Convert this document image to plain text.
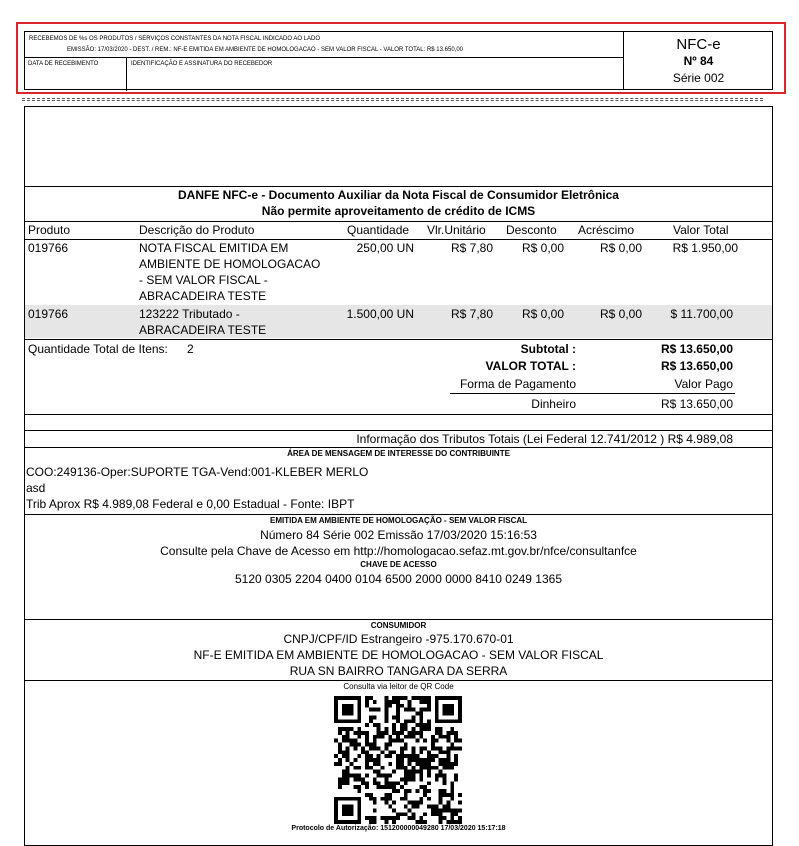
RECEBEMOS DE %s OS PRODUTOS / SERVIÇOS CONSTANTES DA NOTA FISCAL INDICADO AO LADO
EMISSÃO: 17/03/2020 - DEST. / REM.: NF-E EMITIDA EM AMBIENTE DE HOMOLOGACAO - SEM VALOR FISCAL - VALOR TOTAL: R$ 13.650,00
DATA DE RECEBIMENTO	IDENTIFICAÇÃO E ASSINATURA DO RECEBEDOR
NFC-e
Nº 84
Série 002
DANFE NFC-e - Documento Auxiliar da Nota Fiscal de Consumidor Eletrônica
Não permite aproveitamento de crédito de ICMS
Produto	Descrição do Produto	Quantidade Vlr.Unitário Desconto Acréscimo	Valor Total
019766	NOTA FISCAL EMITIDA EM
AMBIENTE DE HOMOLOGACAO
- SEM VALOR FISCAL -
ABRACADEIRA TESTE
250,00 UN	R$ 7,80 R$ 0,00	R$ 0,00	R$ 1.950,00
019766	123222 Tributado -
ABRACADEIRA TESTE
1.500,00 UN	R$ 7,80 R$ 0,00	R$ 0,00 $ 11.700,00
Quantidade Total de Itens: 2	Subtotal :	R$ 13.650,00
VALOR TOTAL :	R$ 13.650,00
Forma de Pagamento	Valor Pago
Dinheiro	R$ 13.650,00
Informação dos Tributos Totais (Lei Federal 12.741/2012 ) R$ 4.989,08
ÁREA DE MENSAGEM DE INTERESSE DO CONTRIBUINTE
COO:249136-Oper:SUPORTE TGA-Vend:001-KLEBER MERLO
asd
Trib Aprox R$ 4.989,08 Federal e 0,00 Estadual - Fonte: IBPT
EMITIDA EM AMBIENTE DE HOMOLOGAÇÃO - SEM VALOR FISCAL
Número 84 Série 002 Emissão 17/03/2020 15:16:53
Consulte pela Chave de Acesso em http://homologacao.sefaz.mt.gov.br/nfce/consultanfce
CHAVE DE ACESSO
5120 0305 2204 0400 0104 6500 2000 0000 8410 0249 1365
CONSUMIDOR
CNPJ/CPF/ID Estrangeiro -975.170.670-01
NF-E EMITIDA EM AMBIENTE DE HOMOLOGACAO - SEM VALOR FISCAL
RUA SN BAIRRO TANGARA DA SERRA
Consulta via leitor de QR Code
Protocolo de Autorização: 151200000049280 17/03/2020 15:17:18
